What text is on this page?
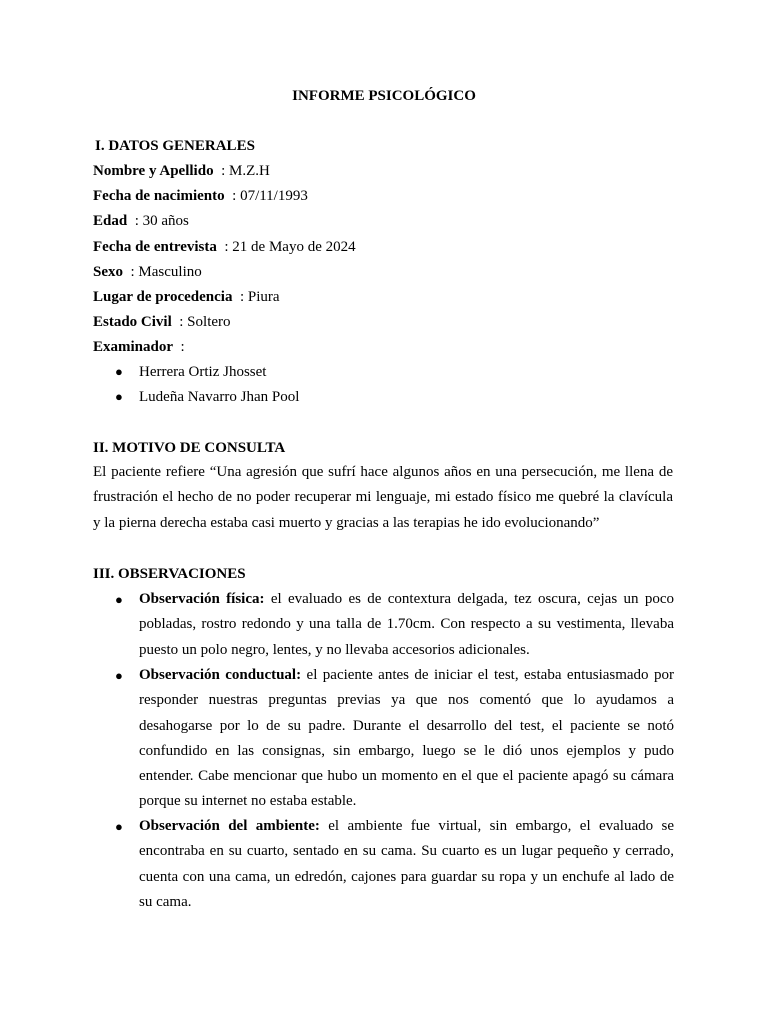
INFORME PSICOLÓGICO
I. DATOS GENERALES
Nombre y Apellido : M.Z.H
Fecha de nacimiento : 07/11/1993
Edad : 30 años
Fecha de entrevista : 21 de Mayo de 2024
Sexo : Masculino
Lugar de procedencia : Piura
Estado Civil : Soltero
Examinador :
● Herrera Ortiz Jhosset
● Ludeña Navarro Jhan Pool
II. MOTIVO DE CONSULTA
El paciente refiere “Una agresión que sufrí hace algunos años en una persecución, me llena de frustración el hecho de no poder recuperar mi lenguaje, mi estado físico me quebré la clavícula y la pierna derecha estaba casi muerto y gracias a las terapias he ido evolucionando”
III. OBSERVACIONES
● Observación física: el evaluado es de contextura delgada, tez oscura, cejas un poco pobladas, rostro redondo y una talla de 1.70cm. Con respecto a su vestimenta, llevaba puesto un polo negro, lentes, y no llevaba accesorios adicionales.
● Observación conductual: el paciente antes de iniciar el test, estaba entusiasmado por responder nuestras preguntas previas ya que nos comentó que lo ayudamos a desahogarse por lo de su padre. Durante el desarrollo del test, el paciente se notó confundido en las consignas, sin embargo, luego se le dió unos ejemplos y pudo entender. Cabe mencionar que hubo un momento en el que el paciente apagó su cámara porque su internet no estaba estable.
● Observación del ambiente: el ambiente fue virtual, sin embargo, el evaluado se encontraba en su cuarto, sentado en su cama. Su cuarto es un lugar pequeño y cerrado, cuenta con una cama, un edredón, cajones para guardar su ropa y un enchufe al lado de su cama.
